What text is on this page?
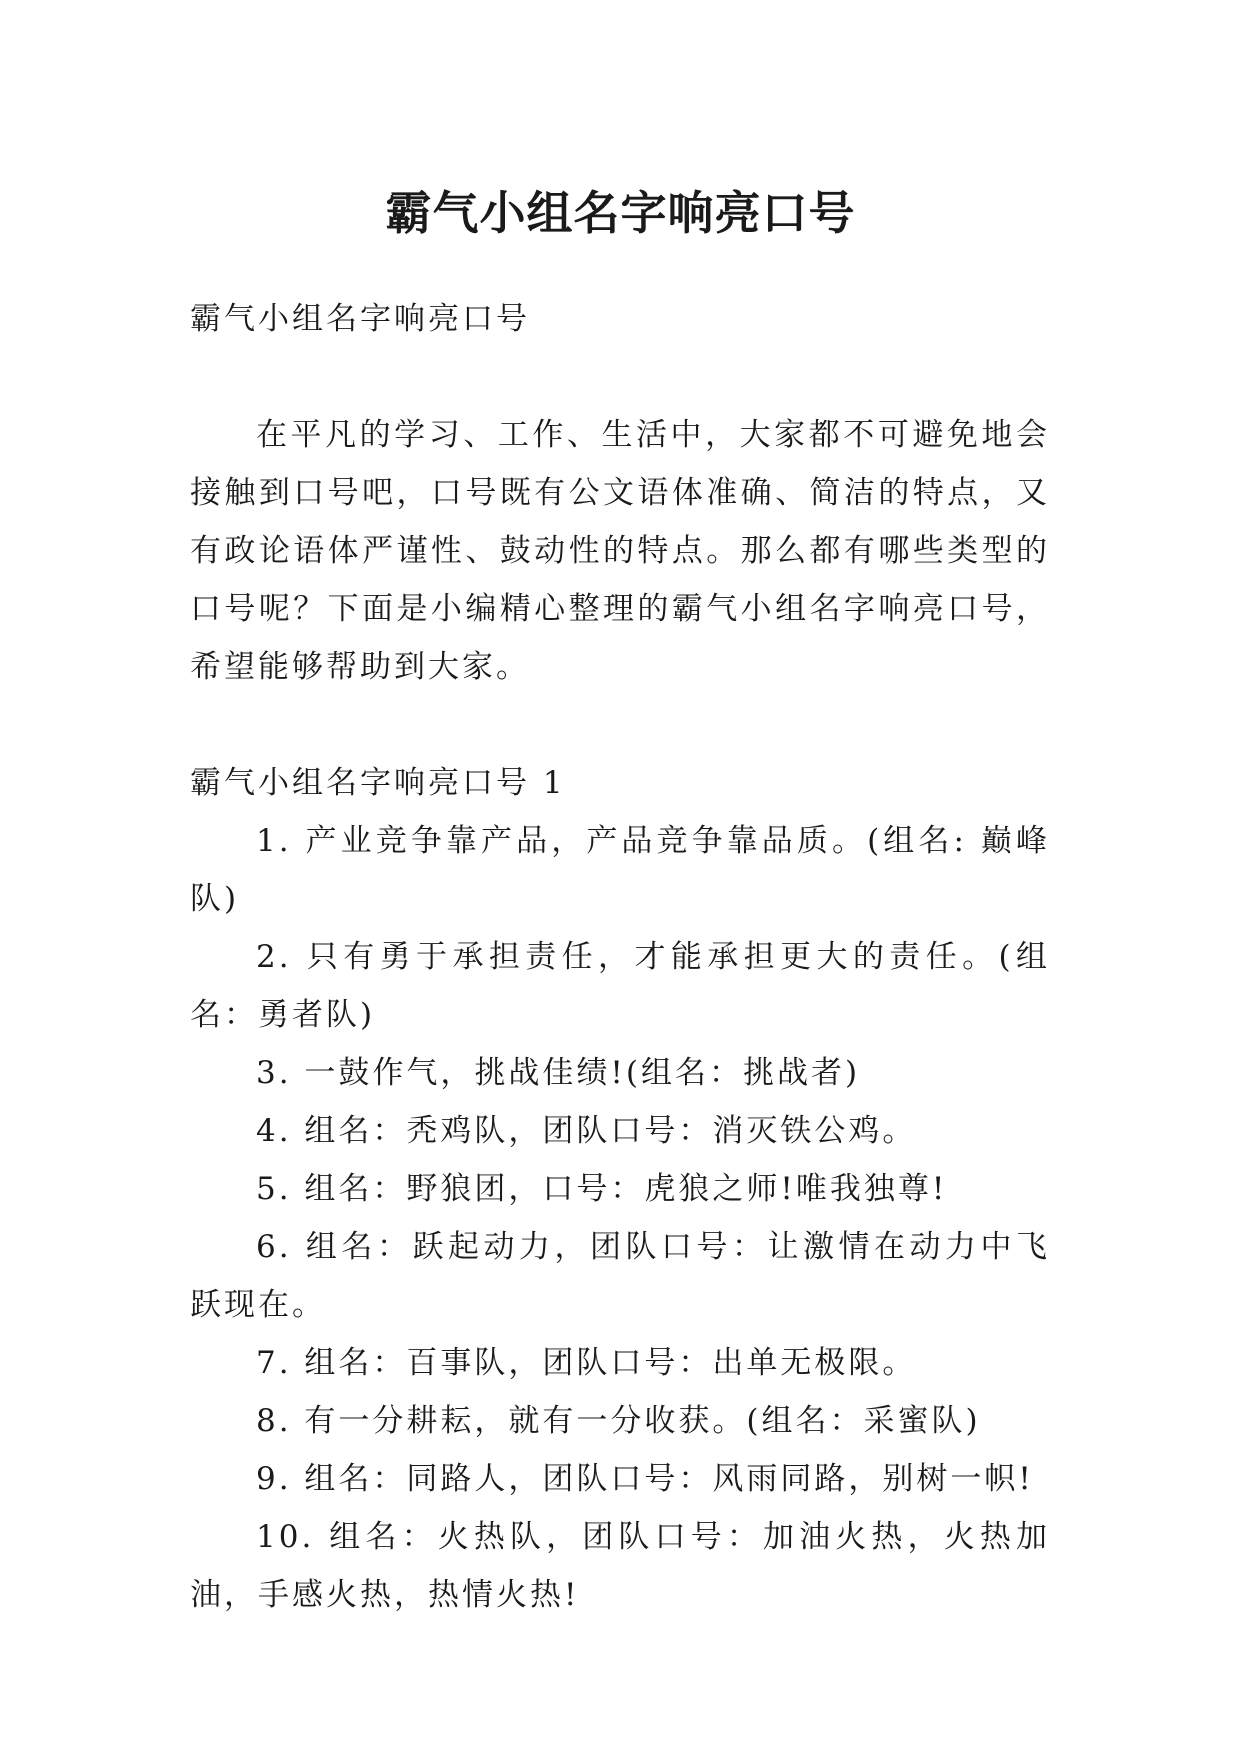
霸气小组名字响亮口号

霸气小组名字响亮口号

在平凡的学习、工作、生活中，大家都不可避免地会接触到口号吧，口号既有公文语体准确、简洁的特点，又有政论语体严谨性、鼓动性的特点。那么都有哪些类型的口号呢？下面是小编精心整理的霸气小组名字响亮口号，希望能够帮助到大家。

霸气小组名字响亮口号 1

1. 产业竞争靠产品，产品竞争靠品质。(组名: 巅峰队)
2. 只有勇于承担责任，才能承担更大的责任。(组名：勇者队)
3. 一鼓作气，挑战佳绩!(组名：挑战者)
4. 组名：秃鸡队，团队口号：消灭铁公鸡。
5. 组名：野狼团，口号：虎狼之师!唯我独尊!
6. 组名：跃起动力，团队口号：让激情在动力中飞跃现在。
7. 组名：百事队，团队口号：出单无极限。
8. 有一分耕耘，就有一分收获。(组名：采蜜队)
9. 组名：同路人，团队口号：风雨同路，别树一帜!
10. 组名：火热队，团队口号：加油火热，火热加油，手感火热，热情火热!
